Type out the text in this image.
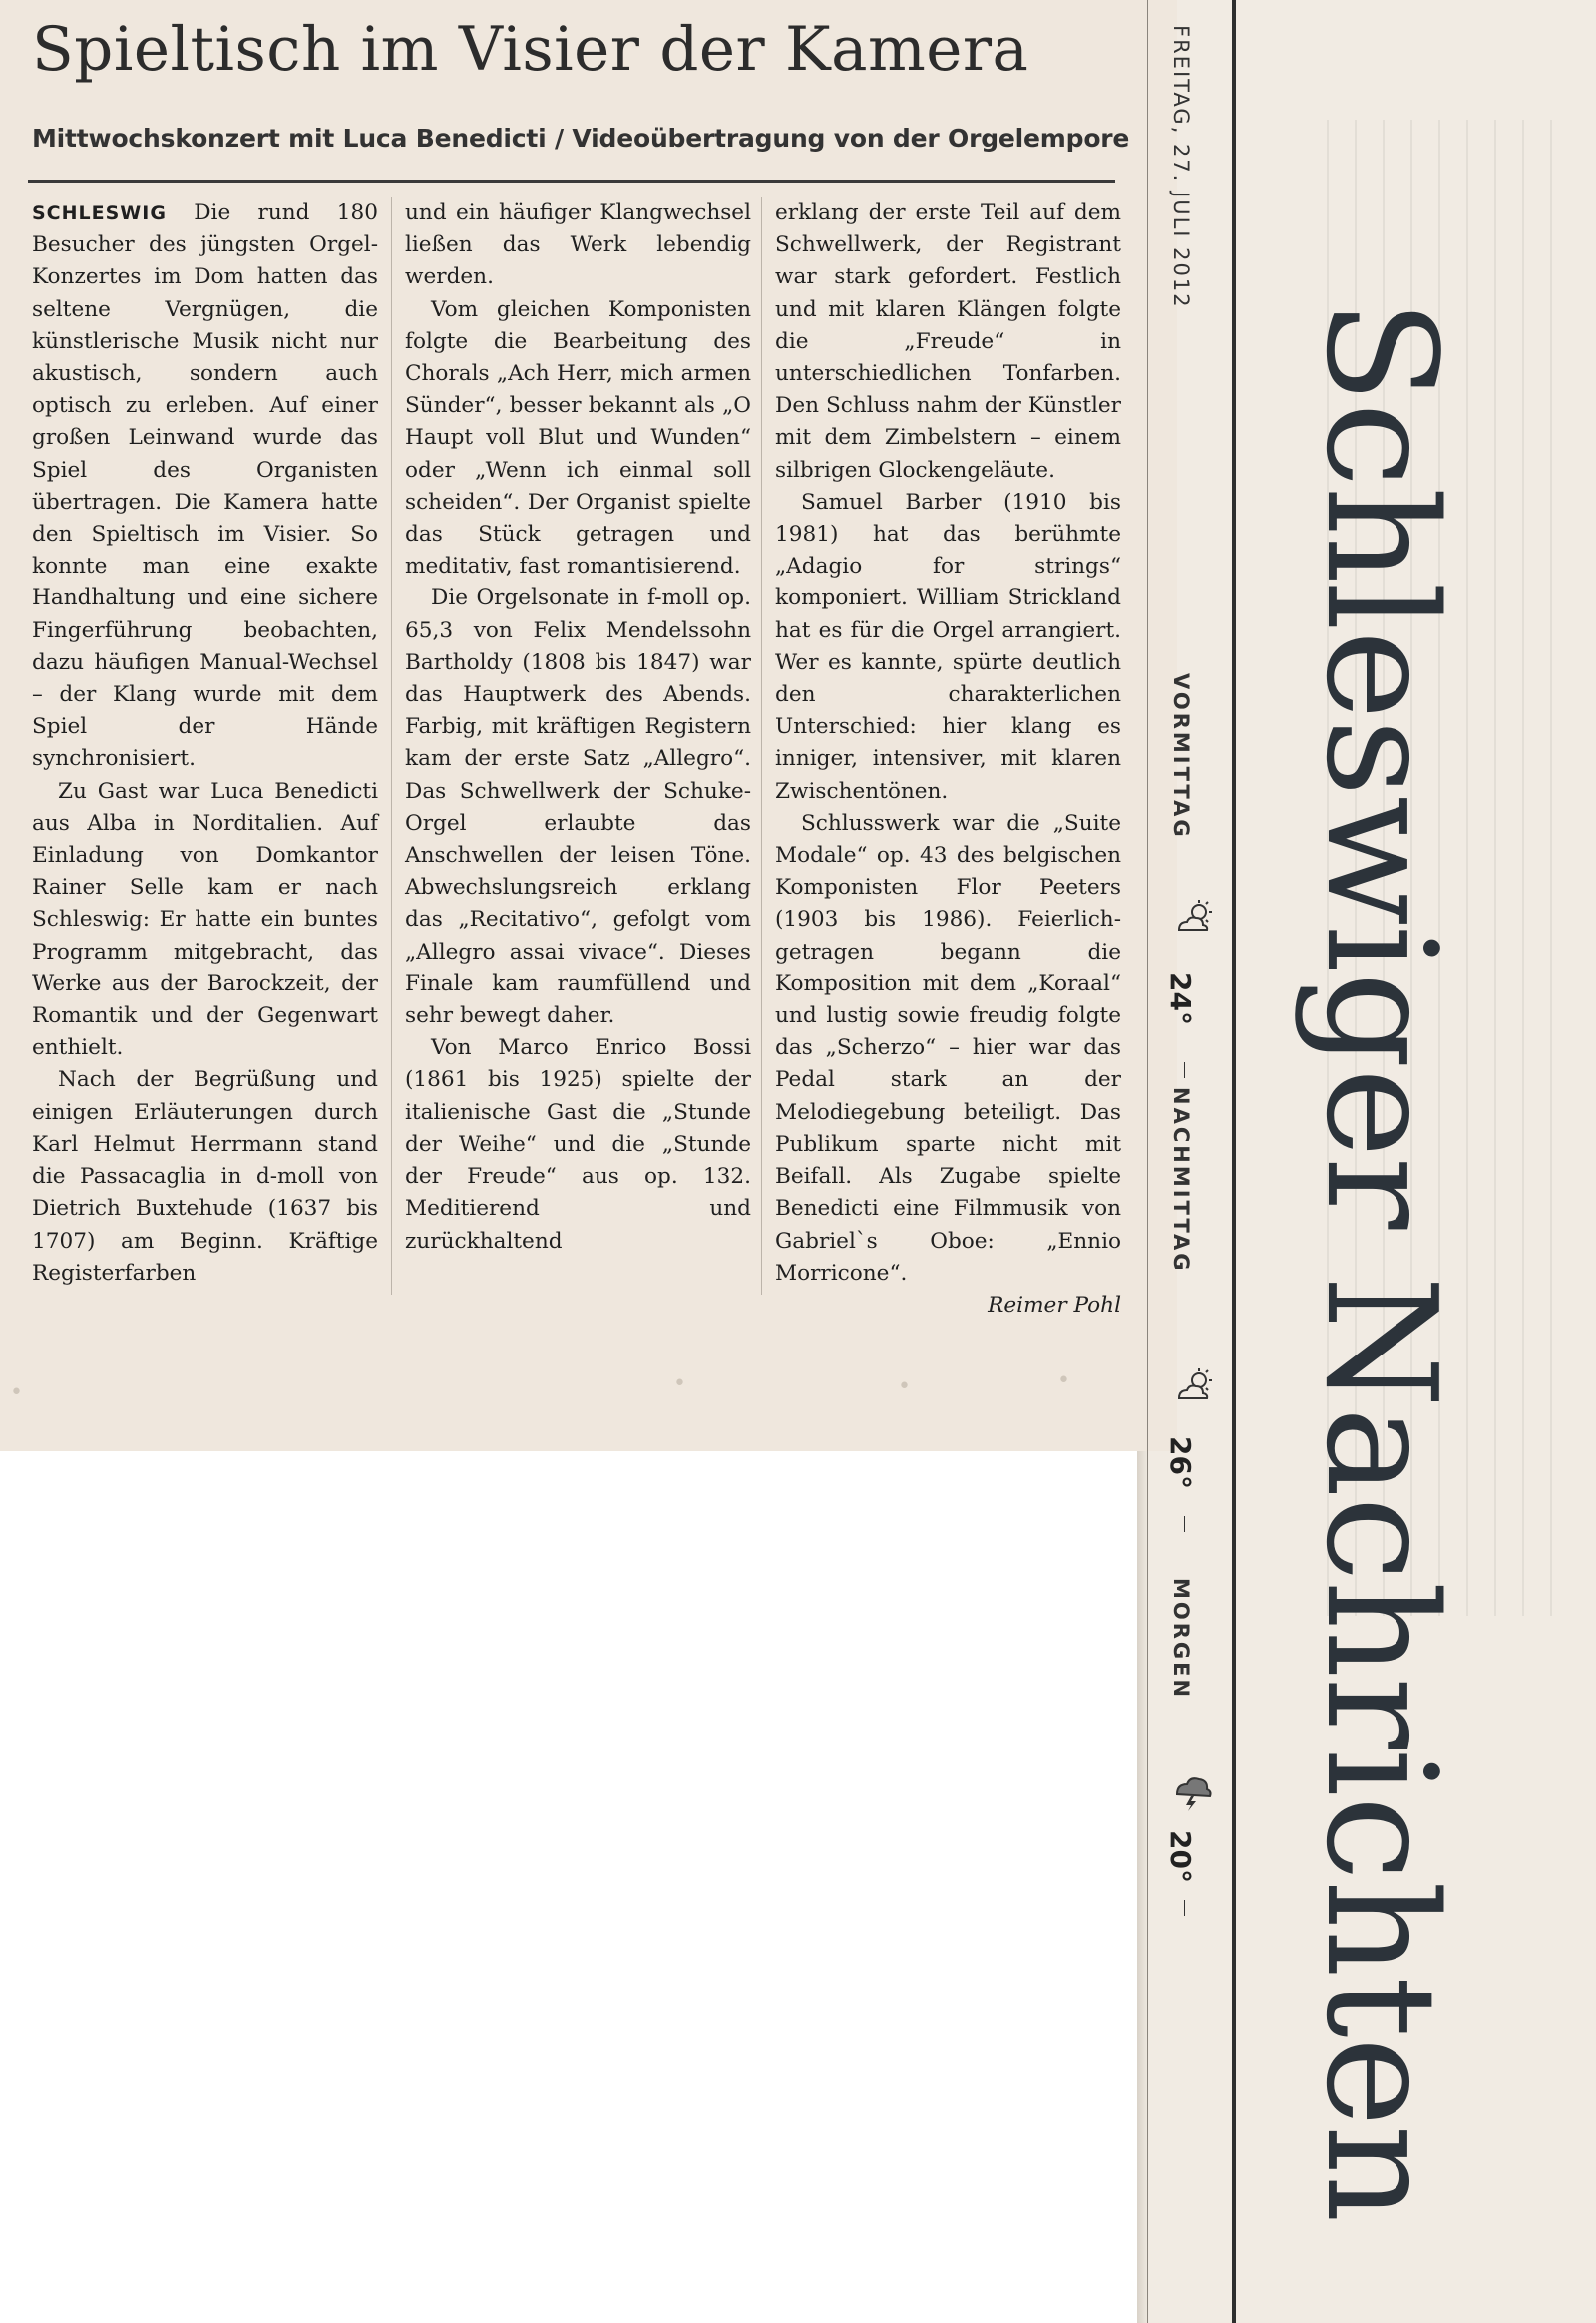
Spieltisch im Visier der Kamera
Mittwochskonzert mit Luca Benedicti / Videoübertragung von der Orgelempore

SCHLESWIG Die rund 180 Besucher des jüngsten Orgel-Konzertes im Dom hatten das seltene Vergnügen, die künstlerische Musik nicht nur akustisch, sondern auch optisch zu erleben. Auf einer großen Leinwand wurde das Spiel des Organisten übertragen. Die Kamera hatte den Spieltisch im Visier. So konnte man eine exakte Handhaltung und eine sichere Fingerführung beobachten, dazu häufigen Manual-Wechsel – der Klang wurde mit dem Spiel der Hände synchronisiert.

Zu Gast war Luca Benedicti aus Alba in Norditalien. Auf Einladung von Domkantor Rainer Selle kam er nach Schleswig: Er hatte ein buntes Programm mitgebracht, das Werke aus der Barockzeit, der Romantik und der Gegenwart enthielt.

Nach der Begrüßung und einigen Erläuterungen durch Karl Helmut Herrmann stand die Passacaglia in d-moll von Dietrich Buxtehude (1637 bis 1707) am Beginn. Kräftige Registerfarben

und ein häufiger Klangwechsel ließen das Werk lebendig werden.

Vom gleichen Komponisten folgte die Bearbeitung des Chorals „Ach Herr, mich armen Sünder“, besser bekannt als „O Haupt voll Blut und Wunden“ oder „Wenn ich einmal soll scheiden“. Der Organist spielte das Stück getragen und meditativ, fast romantisierend.

Die Orgelsonate in f-moll op. 65,3 von Felix Mendelssohn Bartholdy (1808 bis 1847) war das Hauptwerk des Abends. Farbig, mit kräftigen Registern kam der erste Satz „Allegro“. Das Schwellwerk der Schuke-Orgel erlaubte das Anschwellen der leisen Töne. Abwechslungsreich erklang das „Recitativo“, gefolgt vom „Allegro assai vivace“. Dieses Finale kam raumfüllend und sehr bewegt daher.

Von Marco Enrico Bossi (1861 bis 1925) spielte der italienische Gast die „Stunde der Weihe“ und die „Stunde der Freude“ aus op. 132. Meditierend und zurückhaltend

erklang der erste Teil auf dem Schwellwerk, der Registrant war stark gefordert. Festlich und mit klaren Klängen folgte die „Freude“ in unterschiedlichen Tonfarben. Den Schluss nahm der Künstler mit dem Zimbelstern – einem silbrigen Glockengeläute.

Samuel Barber (1910 bis 1981) hat das berühmte „Adagio for strings“ komponiert. William Strickland hat es für die Orgel arrangiert. Wer es kannte, spürte deutlich den charakterlichen Unterschied: hier klang es inniger, intensiver, mit klaren Zwischentönen.

Schlusswerk war die „Suite Modale“ op. 43 des belgischen Komponisten Flor Peeters (1903 bis 1986). Feierlich-getragen begann die Komposition mit dem „Koraal“ und lustig sowie freudig folgte das „Scherzo“ – hier war das Pedal stark an der Melodiegebung beteiligt. Das Publikum sparte nicht mit Beifall. Als Zugabe spielte Benedicti eine Filmmusik von Gabriel`s Oboe: „Ennio Morricone“.

Reimer Pohl
•	•	•	•
FREITAG, 27. JULI 2012
VORMITTAG
24°
NACHMITTAG
26°
MORGEN
20° Schleswiger Nachrichten
